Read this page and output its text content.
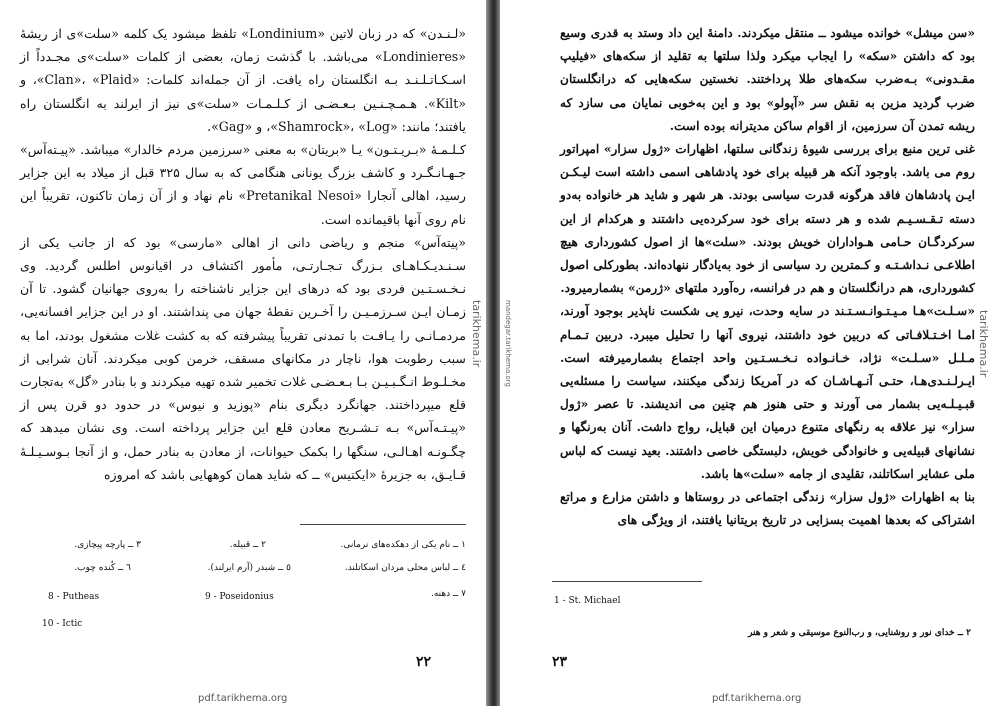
«لـنـدن» كه در زبان لاتين «Londinium» تلفظ ميشود يک كلمه «سلت»ى از ريشهٔ «Londinieres» می‌باشد. با گذشت زمان، بعضى از كلمات «سلت»ى مجـدداً از اسـكـاتـلـنـد بـه انگلستان راه يافت. از آن جمله‌اند كلمات: «Clan»، «Plaid»، و «Kilt». هـمـچـنـين بـعـضـى از كـلـمـات «سلت»ى نيز از ايرلند به انگلستان راه يافتند؛ مانند: «Shamrock»، «Log»، و «Gag».

كـلـمـهٔ «بـريـتـون» يـا «بريتان» به معنى «سرزمين مردم خالدار» ميباشد. «پيـته‌آس» جـهـانـگـرد و كاشف بزرگ يونانى هنگامى كه به سال ۳۲۵ قبل از ميلاد به اين جزاير رسيد، اهالى آنجارا «Pretanikal Nesoi» نام نهاد و از آن زمان تاكنون، تقريباً اين نام روى آنها باقيمانده است.

«پيته‌آس» منجم و رياضى دانى از اهالى «مارسى» بود كه از جانب يكى از سـنـديـكـاهـاى بـزرگ تـجـارتـى، مأمور اكتشاف در اقيانوس اطلس گرديد. وى نـخـسـتـين فردى بود كه درهاى اين جزاير ناشناخته را به‌روى جهانيان گشود. تا آن زمـان ايـن سـرزمـيـن را آخـرين نقطهٔ جهان مى پنداشتند. او در اين جزاير افسانه‌يى، مردمـانـى را يـافـت با تمدنى تقريباً پيشرفته كه به كشت غلات مشغول بودند، اما به سبب رطوبت هوا، ناچار در مكانهاى مسقف، خرمن كوبى ميكردند. آنان شرابى از مخـلـوط انـگـبـيـن بـا بـعـضـى غلات تخمير شده تهيه ميكردند و با بنادر «گل» به‌تجارت قلع ميپرداختند. جهانگرد ديگرى بنام «پوزيد و نيوس» در حدود دو قرن پس از «پيـتـه‌آس» بـه تـشـريح معادن قلع اين جزاير پرداخته است. وى نشان ميدهد كه چگـونـه اهـالـى، سنگها را بكمک حيوانات، از معادن به بنادر حمل، و از آنجا بـوسـيـلـهٔ قـايـق، به جزيرهٔ «ايكتيس» ــ كه شايد همان كوههايى باشد كه امروزه

١ ــ نام يكى از دهكده‌هاى نرمانى.
٢ ــ قبيله.
٣ ــ پارچه پيچازى.
٤ ــ لباس محلى مردان اسكاتلند.
٥ ــ شبدر (آرم ايرلند).
٦ ــ كُنده چوب.
٧ ــ دهنه.
9 - Poseidonius
8 - Putheas
10 - Ictic
۲۲
pdf.tarikhema.org
tarikhema.ir	mandegar.tarikhema.org

«سن ميشل» خوانده ميشود ــ منتقل ميكردند. دامنهٔ اين داد وستد به قدرى وسيع بود كه داشتن «سكه» را ايجاب ميكرد ولذا سلتها به تقليد از سكه‌هاى «فيليپ مقـدونى» بـه‌ضرب سكه‌هاى طلا پرداختند. نخستين سكه‌هايى كه درانگلستان ضرب گرديد مزين به نقش سر «آپولو» بود و اين به‌خوبى نمايان مى سازد كه ريشه تمدن آن سرزمين، از اقوام ساكن مديترانه بوده است.

غنى ترين منبع براى بررسى شيوهٔ زندگانى سلتها، اظهارات «ژول سزار» امپراتور روم مى باشد. باوجود آنكه هر قبيله براى خود پادشاهى اسمى داشته است ليـكـن ايـن پادشاهان فاقد هرگونه قدرت سياسى بودند. هر شهر و شايد هر خانواده به‌دو دسته تـقـسـيـم شده و هر دسته براى خود سركرده‌يى داشتند و هركدام از اين سركردگـان حـامى هـواداران خويش بودند. «سلت»ها از اصول كشوردارى هيچ اطلاعـى نـداشـتـه و كـمترين رد سياسى از خود به‌يادگار ننهاده‌اند. بطوركلى اصول كشوردارى، هم درانگلستان و هم در فرانسه، ره‌آورد ملتهاى «ژرمن» بشمارميرود.

«سـلـت»هـا مـيـتـوانـسـتـند در سايه وحدت، نيرو يى شكست ناپذير بوجود آورند، امـا اخـتـلافـاتى كه دربين خود داشتند، نيروى آنها را تحليل ميبرد. دربين تـمـام مـلـل «سـلـت» نژاد، خـانـواده نـخـسـتـين واحد اجتماع بشمارميرفته است. ايـرلـنـدى‌هـا، حتـى آنـهـاشـان كه در آمريكا زندگى ميكنند، سياست را مسئله‌يى قبـيـلـه‌يى بشمار مى آورند و حتى هنوز هم چنين مى انديشند. تا عصر «ژول سزار» نيز علاقه به رنگهاى متنوع درميان اين قبايل، رواج داشت. آنان به‌رنگها و نشانهاى قبيله‌يى و خانوادگى خويش، دلبستگى خاصى داشتند. بعيد نيست كه لباس ملى عشاير اسكاتلند، تقليدى از جامه «سلت»ها باشد.

بنا به اظهارات «ژول سزار» زندگى اجتماعى در روستاها و داشتن مزارع و مراتع اشتراكى كه بعدها اهميت بسزايى در تاريخ بريتانيا يافتند، از ويژگى هاى

1 - St. Michael
۲ ــ خداى نور و روشنايى، و رب‌النوع موسيقى و شعر و هنر
۲۳
pdf.tarikhema.org
tarikhema.ir
